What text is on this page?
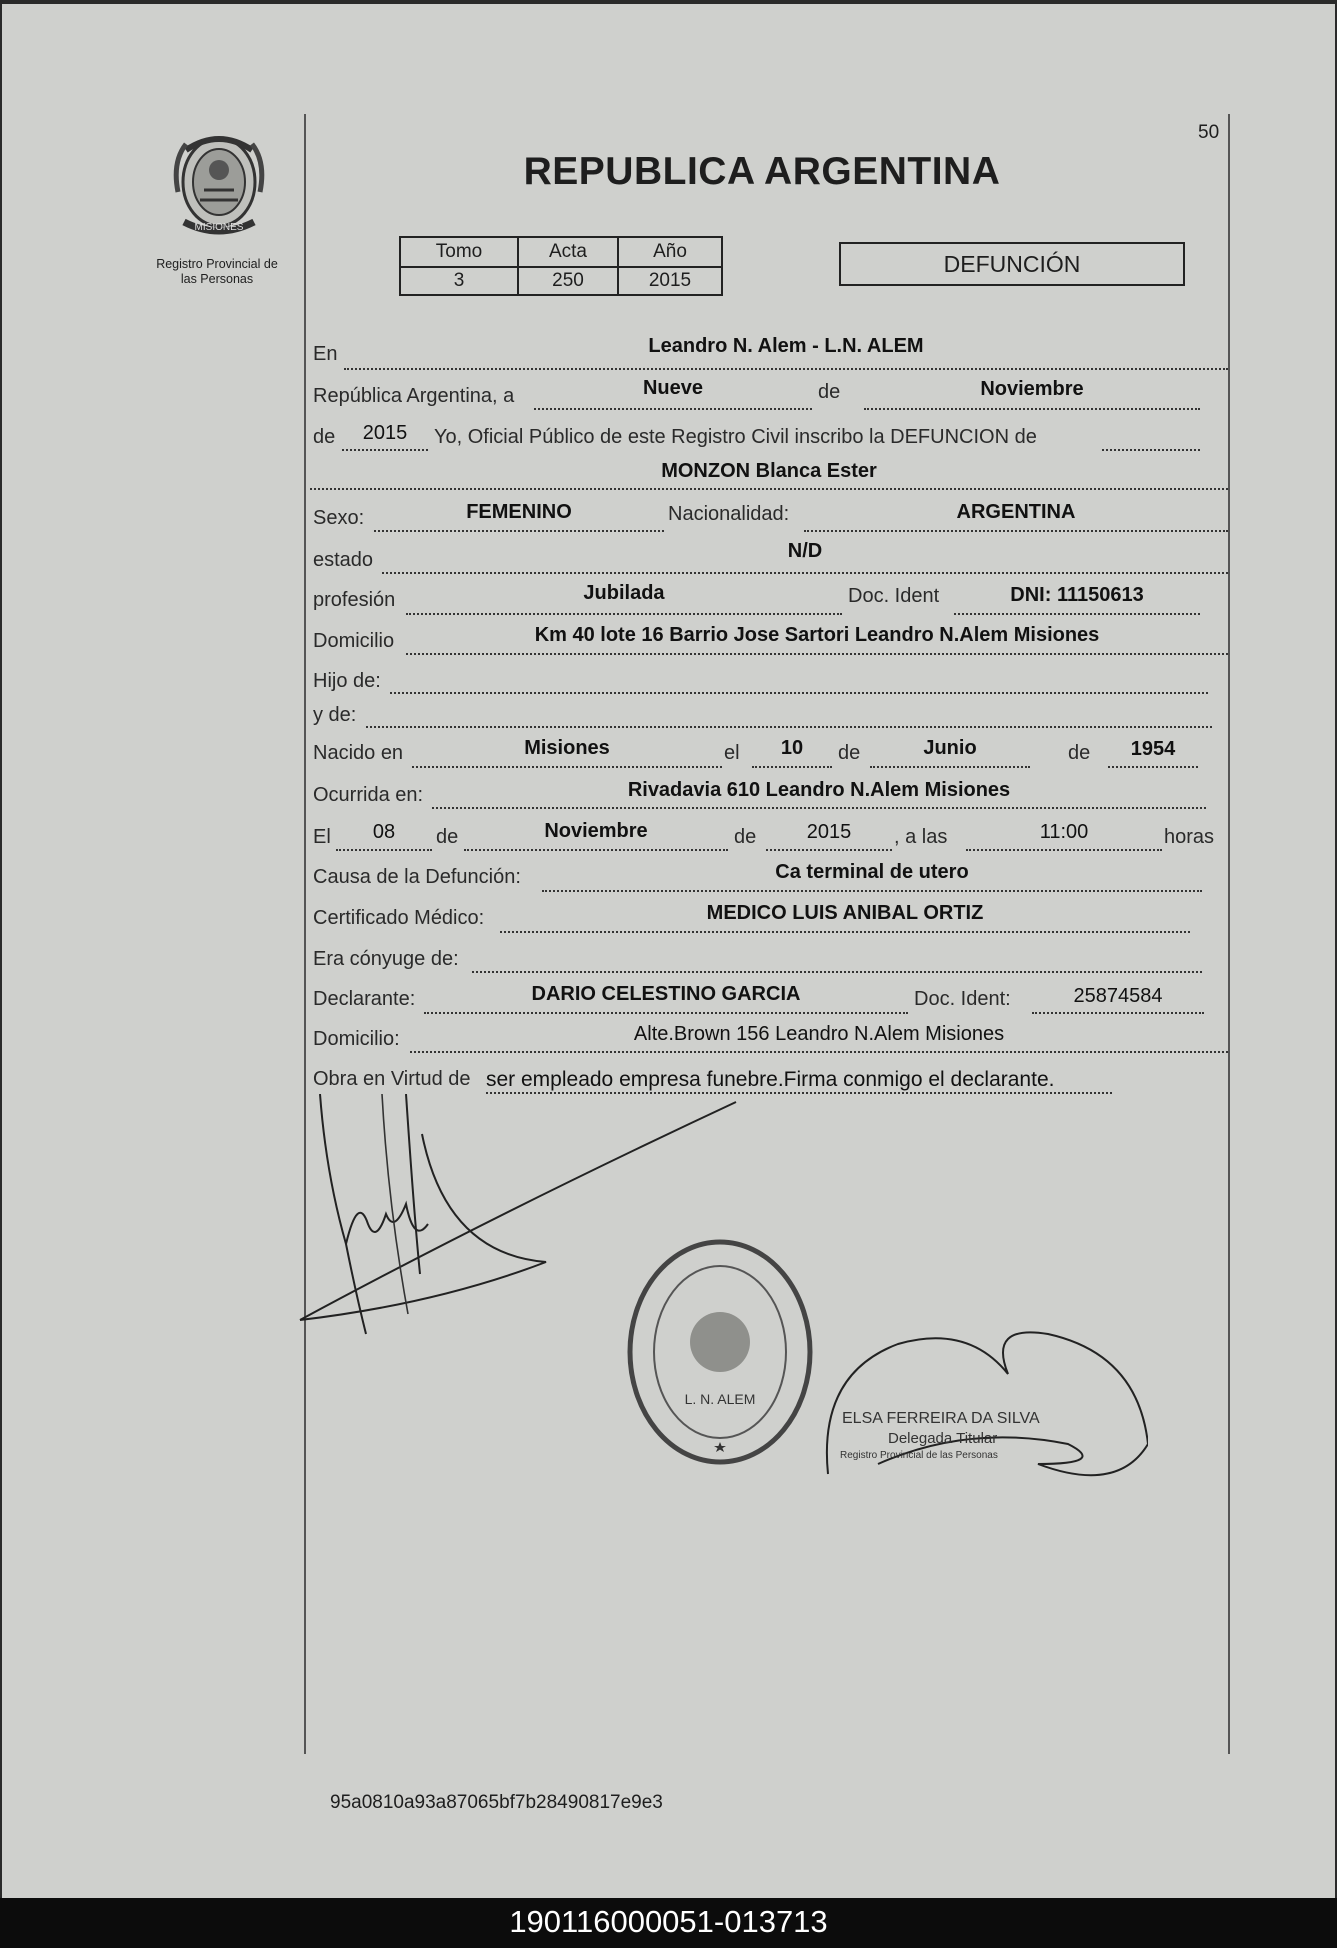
MISIONES
Registro Provincial de
las Personas
50
REPUBLICA ARGENTINA
Tomo	Acta	Año
3	250	2015
DEFUNCIÓN
En	Leandro N. Alem - L.N. ALEM
República Argentina, a	Nueve	de	Noviembre
de	2015	Yo, Oficial Público de este Registro Civil inscribo la DEFUNCION de
MONZON Blanca Ester
Sexo:	FEMENINO	Nacionalidad:	ARGENTINA
estado	N/D
profesión	Jubilada	Doc. Ident	DNI: 11150613
Domicilio	Km 40 lote 16 Barrio Jose Sartori Leandro N.Alem Misiones
Hijo de:
y de:
Nacido en	Misiones	el	10	de	Junio	de	1954
Ocurrida en:	Rivadavia 610 Leandro N.Alem Misiones
El	08	de	Noviembre	de	2015	, a las	11:00	horas
Causa de la Defunción:	Ca terminal de utero
Certificado Médico:	MEDICO LUIS ANIBAL ORTIZ
Era cónyuge de:
Declarante:	DARIO CELESTINO GARCIA	Doc. Ident:	25874584
Domicilio:	Alte.Brown 156 Leandro N.Alem Misiones
Obra en Virtud de ser empleado empresa funebre.Firma conmigo el declarante.
L. N. ALEM
ELSA FERREIRA DA SILVA
Delegada Titular
Registro Provincial de las Personas
95a0810a93a87065bf7b28490817e9e3
190116000051-013713
